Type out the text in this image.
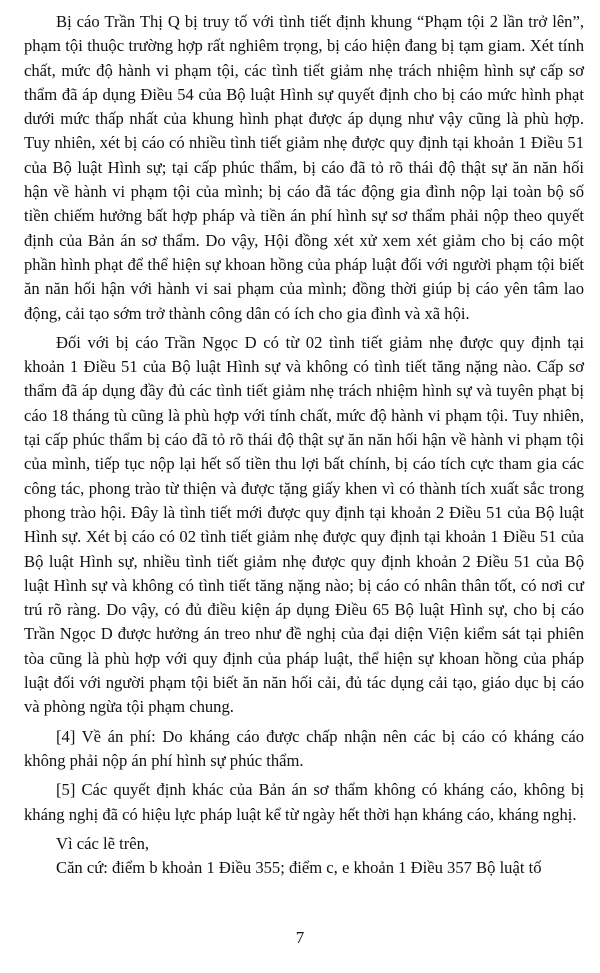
Bị cáo Trần Thị Q bị truy tố với tình tiết định khung “Phạm tội 2 lần trở lên”, phạm tội thuộc trường hợp rất nghiêm trọng, bị cáo hiện đang bị tạm giam. Xét tính chất, mức độ hành vi phạm tội, các tình tiết giảm nhẹ trách nhiệm hình sự cấp sơ thẩm đã áp dụng Điều 54 của Bộ luật Hình sự quyết định cho bị cáo mức hình phạt dưới mức thấp nhất của khung hình phạt được áp dụng như vậy cũng là phù hợp. Tuy nhiên, xét bị cáo có nhiều tình tiết giảm nhẹ được quy định tại khoản 1 Điều 51 của Bộ luật Hình sự; tại cấp phúc thẩm, bị cáo đã tỏ rõ thái độ thật sự ăn năn hối hận về hành vi phạm tội của mình; bị cáo đã tác động gia đình nộp lại toàn bộ số tiền chiếm hưởng bất hợp pháp và tiền án phí hình sự sơ thẩm phải nộp theo quyết định của Bản án sơ thẩm. Do vậy, Hội đồng xét xử xem xét giảm cho bị cáo một phần hình phạt để thể hiện sự khoan hồng của pháp luật đối với người phạm tội biết ăn năn hối hận với hành vi sai phạm của mình; đồng thời giúp bị cáo yên tâm lao động, cải tạo sớm trở thành công dân có ích cho gia đình và xã hội.

Đối với bị cáo Trần Ngọc D có từ 02 tình tiết giảm nhẹ được quy định tại khoản 1 Điều 51 của Bộ luật Hình sự và không có tình tiết tăng nặng nào. Cấp sơ thẩm đã áp dụng đầy đủ các tình tiết giảm nhẹ trách nhiệm hình sự và tuyên phạt bị cáo 18 tháng tù cũng là phù hợp với tính chất, mức độ hành vi phạm tội. Tuy nhiên, tại cấp phúc thẩm bị cáo đã tỏ rõ thái độ thật sự ăn năn hối hận về hành vi phạm tội của mình, tiếp tục nộp lại hết số tiền thu lợi bất chính, bị cáo tích cực tham gia các công tác, phong trào từ thiện và được tặng giấy khen vì có thành tích xuất sắc trong phong trào hội. Đây là tình tiết mới được quy định tại khoản 2 Điều 51 của Bộ luật Hình sự. Xét bị cáo có 02 tình tiết giảm nhẹ được quy định tại khoản 1 Điều 51 của Bộ luật Hình sự, nhiều tình tiết giảm nhẹ được quy định khoản 2 Điều 51 của Bộ luật Hình sự và không có tình tiết tăng nặng nào; bị cáo có nhân thân tốt, có nơi cư trú rõ ràng. Do vậy, có đủ điều kiện áp dụng Điều 65 Bộ luật Hình sự, cho bị cáo Trần Ngọc D được hưởng án treo như đề nghị của đại diện Viện kiểm sát tại phiên tòa cũng là phù hợp với quy định của pháp luật, thể hiện sự khoan hồng của pháp luật đối với người phạm tội biết ăn năn hối cải, đủ tác dụng cải tạo, giáo dục bị cáo và phòng ngừa tội phạm chung.

[4] Về án phí: Do kháng cáo được chấp nhận nên các bị cáo có kháng cáo không phải nộp án phí hình sự phúc thẩm.

[5] Các quyết định khác của Bản án sơ thẩm không có kháng cáo, không bị kháng nghị đã có hiệu lực pháp luật kể từ ngày hết thời hạn kháng cáo, kháng nghị.

Vì các lẽ trên,

Căn cứ: điểm b khoản 1 Điều 355; điểm c, e khoản 1 Điều 357 Bộ luật tố

7
